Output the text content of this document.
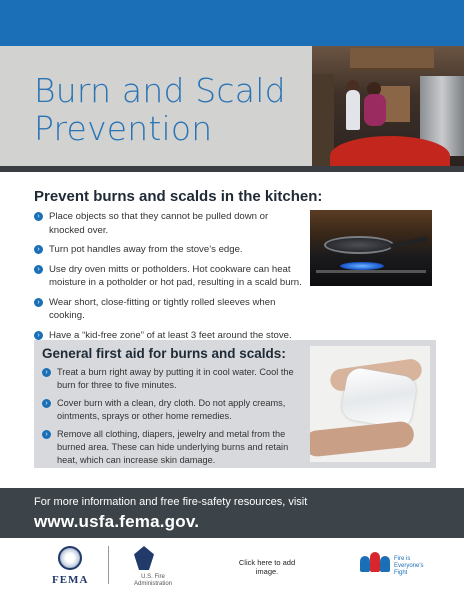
Burn and Scald
Prevention
Prevent burns and scalds in the kitchen:
› Place objects so that they cannot be pulled down or knocked over.
› Turn pot handles away from the stove’s edge.
› Use dry oven mitts or potholders. Hot cookware can heat moisture in a potholder or hot pad, resulting in a scald burn.
› Wear short, close-fitting or tightly rolled sleeves when cooking.
› Have a “kid-free zone” of at least 3 feet around the stove.
General first aid for burns and scalds:
›	Treat a burn right away by putting it in cool water. Cool the burn for three to five minutes.
›	Cover burn with a clean, dry cloth. Do not apply creams, ointments, sprays or other home remedies.
›	Remove all clothing, diapers, jewelry and metal from the burned area. These can hide underlying burns and retain heat, which can increase skin damage.
For more information and free fire-safety resources, visit
www.usfa.fema.gov.
FEMA	U.S. Fire Administration
Click here to add image.
Fire is Everyone's Fight
